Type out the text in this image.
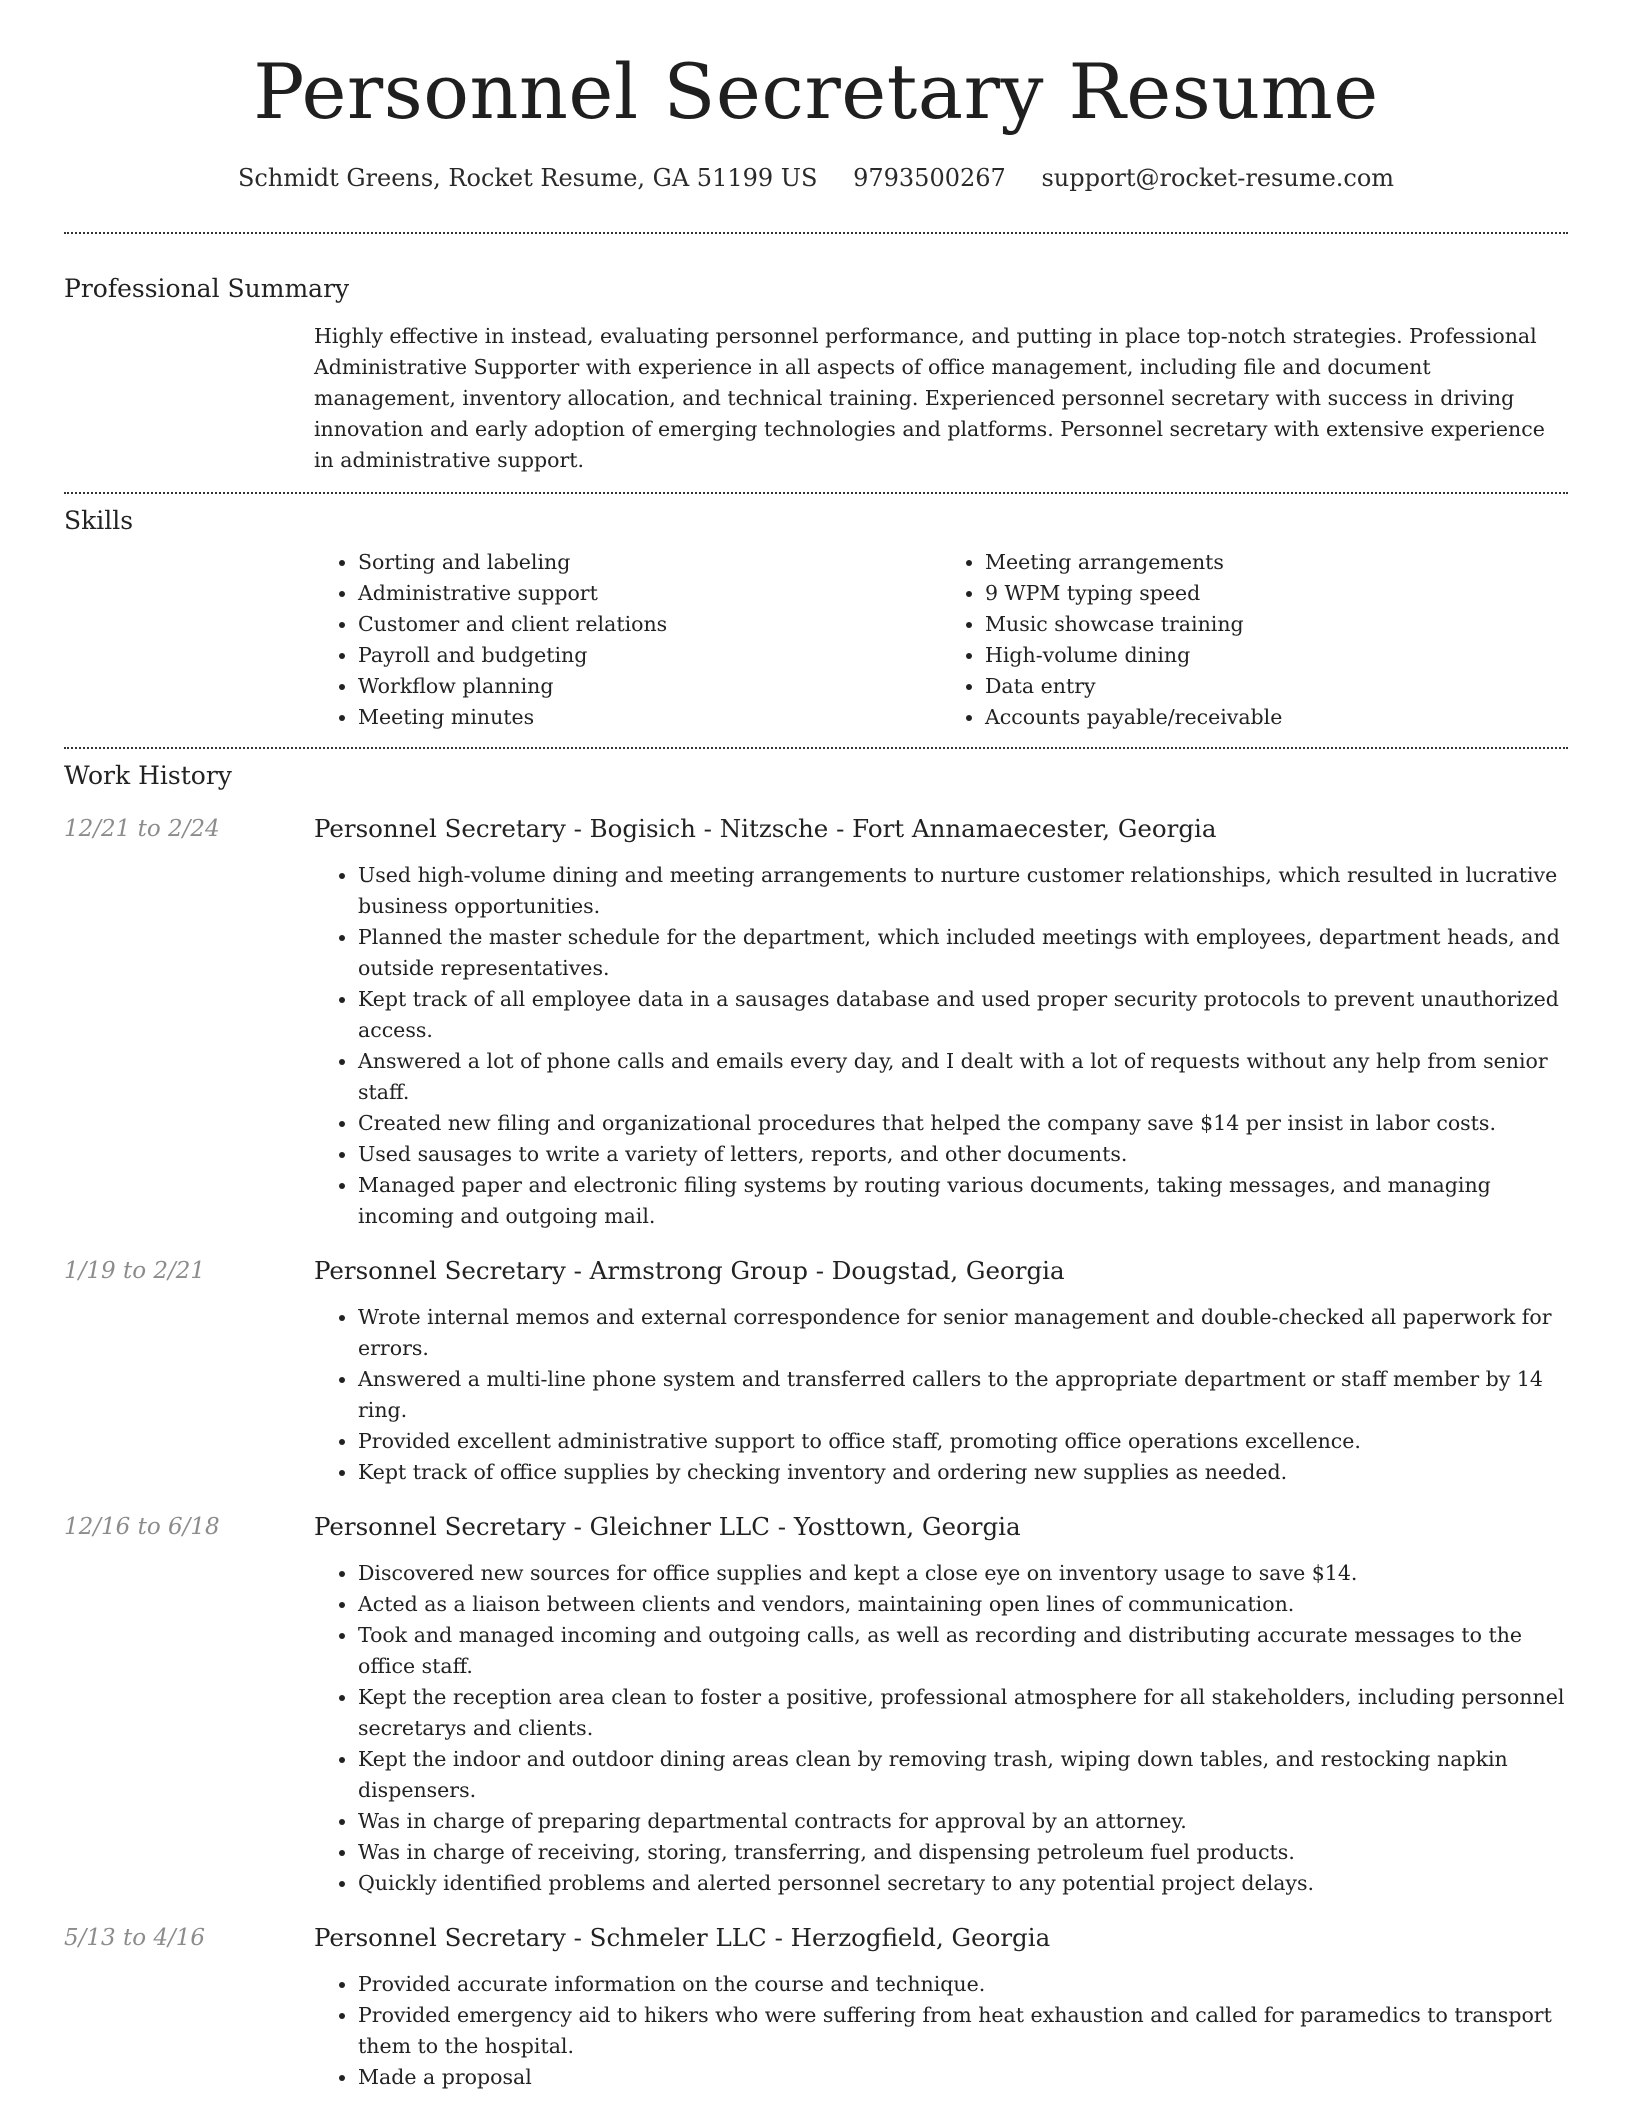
Personnel Secretary Resume
Schmidt Greens, Rocket Resume, GA 51199 US 9793500267 support@rocket-resume.com
Professional Summary

Highly effective in instead, evaluating personnel performance, and putting in place top-notch strategies. Professional Administrative Supporter with experience in all aspects of office management, including file and document management, inventory allocation, and technical training. Experienced personnel secretary with success in driving innovation and early adoption of emerging technologies and platforms. Personnel secretary with extensive experience in administrative support.

Skills
• Sorting and labeling
• Administrative support
• Customer and client relations
• Payroll and budgeting
• Workflow planning
• Meeting minutes
• Meeting arrangements
• 9 WPM typing speed
• Music showcase training
• High-volume dining
• Data entry
• Accounts payable/receivable
Work History
12/21 to 2/24	Personnel Secretary - Bogisich - Nitzsche - Fort Annamaecester, Georgia
• Used high-volume dining and meeting arrangements to nurture customer relationships, which resulted in lucrative business opportunities.
• Planned the master schedule for the department, which included meetings with employees, department heads, and outside representatives.
• Kept track of all employee data in a sausages database and used proper security protocols to prevent unauthorized access.
• Answered a lot of phone calls and emails every day, and I dealt with a lot of requests without any help from senior staff.
• Created new filing and organizational procedures that helped the company save $14 per insist in labor costs.
• Used sausages to write a variety of letters, reports, and other documents.
• Managed paper and electronic filing systems by routing various documents, taking messages, and managing incoming and outgoing mail.
1/19 to 2/21	Personnel Secretary - Armstrong Group - Dougstad, Georgia
• Wrote internal memos and external correspondence for senior management and double-checked all paperwork for errors.
• Answered a multi-line phone system and transferred callers to the appropriate department or staff member by 14 ring.
• Provided excellent administrative support to office staff, promoting office operations excellence.
• Kept track of office supplies by checking inventory and ordering new supplies as needed.
12/16 to 6/18	Personnel Secretary - Gleichner LLC - Yosttown, Georgia
• Discovered new sources for office supplies and kept a close eye on inventory usage to save $14.
• Acted as a liaison between clients and vendors, maintaining open lines of communication.
• Took and managed incoming and outgoing calls, as well as recording and distributing accurate messages to the office staff.
• Kept the reception area clean to foster a positive, professional atmosphere for all stakeholders, including personnel secretarys and clients.
• Kept the indoor and outdoor dining areas clean by removing trash, wiping down tables, and restocking napkin dispensers.
• Was in charge of preparing departmental contracts for approval by an attorney.
• Was in charge of receiving, storing, transferring, and dispensing petroleum fuel products.
• Quickly identified problems and alerted personnel secretary to any potential project delays.
5/13 to 4/16	Personnel Secretary - Schmeler LLC - Herzogfield, Georgia
• Provided accurate information on the course and technique.
• Provided emergency aid to hikers who were suffering from heat exhaustion and called for paramedics to transport them to the hospital.
• Made a proposal
